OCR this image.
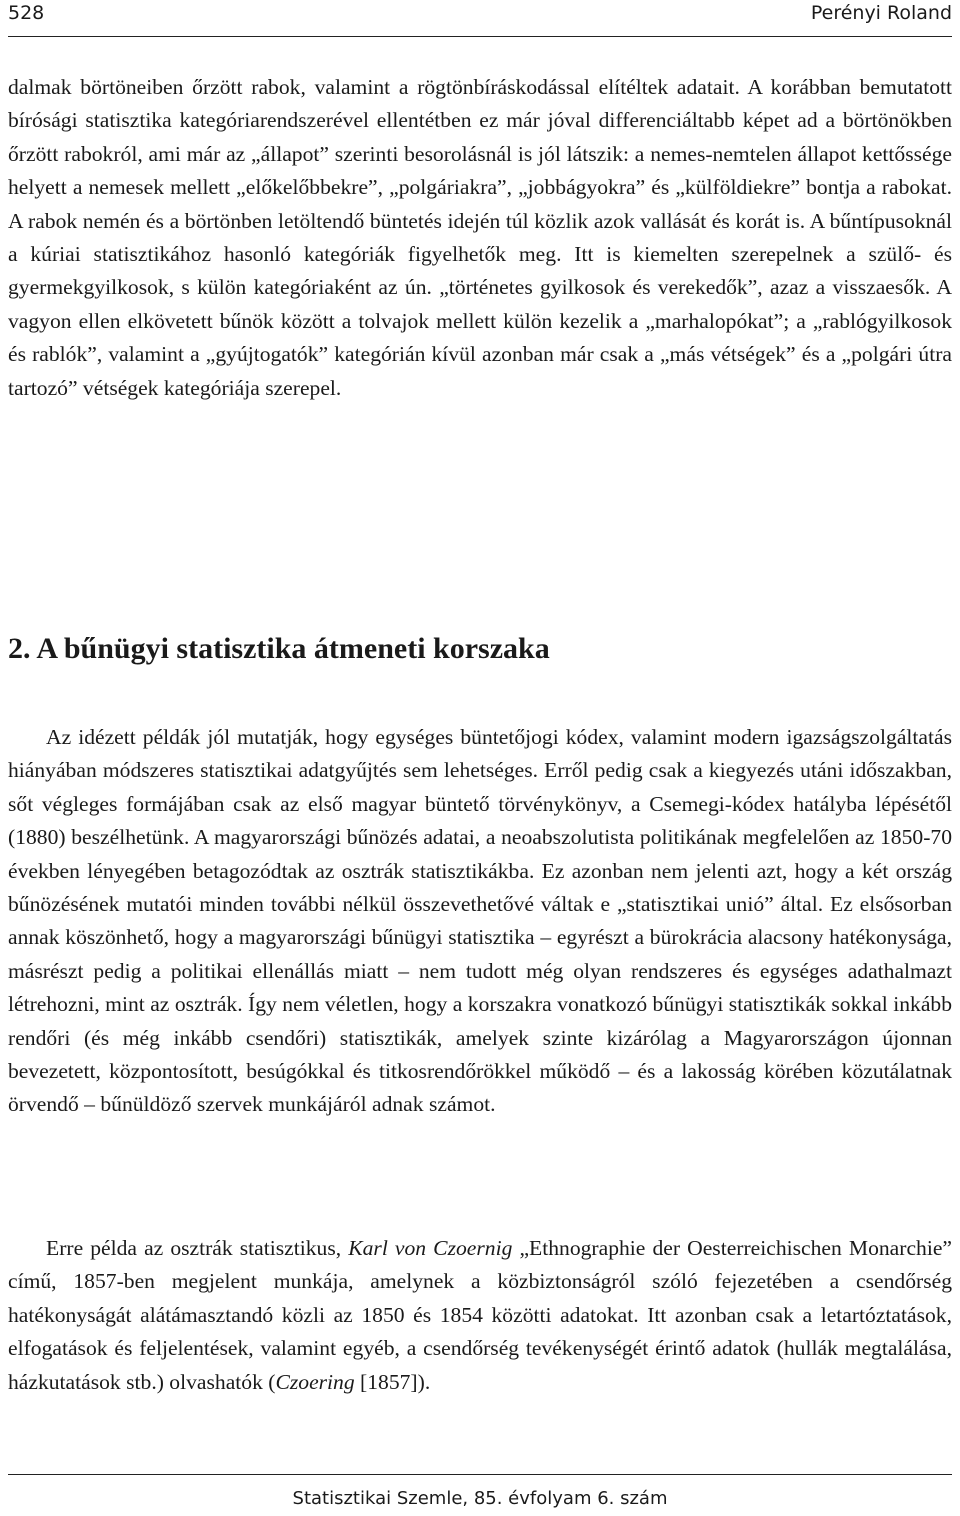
528	Perényi Roland

dalmak börtöneiben őrzött rabok, valamint a rögtönbíráskodással elítéltek adatait. A korábban bemutatott bírósági statisztika kategóriarendszerével ellentétben ez már jóval differenciáltabb képet ad a börtönökben őrzött rabokról, ami már az „állapot” szerinti besorolásnál is jól látszik: a nemes-nemtelen állapot kettőssége helyett a nemesek mellett „előkelőbbekre”, „polgáriakra”, „jobbágyokra” és „külföldiekre” bontja a rabokat. A rabok nemén és a börtönben letöltendő büntetés idején túl közlik azok vallását és korát is. A bűntípusoknál a kúriai statisztikához hasonló kategóriák figyelhetők meg. Itt is kiemelten szerepelnek a szülő- és gyermekgyilkosok, s külön kategóriaként az ún. „történetes gyilkosok és verekedők”, azaz a visszaesők. A vagyon ellen elkövetett bűnök között a tolvajok mellett külön kezelik a „marhalopókat”; a „rablógyilkosok és rablók”, valamint a „gyújtogatók” kategórián kívül azonban már csak a „más vétségek” és a „polgári útra tartozó” vétségek kategóriája szerepel.

2. A bűnügyi statisztika átmeneti korszaka

Az idézett példák jól mutatják, hogy egységes büntetőjogi kódex, valamint modern igazságszolgáltatás hiányában módszeres statisztikai adatgyűjtés sem lehetséges. Erről pedig csak a kiegyezés utáni időszakban, sőt végleges formájában csak az első magyar büntető törvénykönyv, a Csemegi-kódex hatályba lépésétől (1880) beszélhetünk. A magyarországi bűnözés adatai, a neoabszolutista politikának megfelelően az 1850-70 években lényegében betagozódtak az osztrák statisztikákba. Ez azonban nem jelenti azt, hogy a két ország bűnözésének mutatói minden további nélkül összevethetővé váltak e „statisztikai unió” által. Ez elsősorban annak köszönhető, hogy a magyarországi bűnügyi statisztika – egyrészt a bürokrácia alacsony hatékonysága, másrészt pedig a politikai ellenállás miatt – nem tudott még olyan rendszeres és egységes adathalmazt létrehozni, mint az osztrák. Így nem véletlen, hogy a korszakra vonatkozó bűnügyi statisztikák sokkal inkább rendőri (és még inkább csendőri) statisztikák, amelyek szinte kizárólag a Magyarországon újonnan bevezetett, központosított, besúgókkal és titkosrendőrökkel működő – és a lakosság körében közutálatnak örvendő – bűnüldöző szervek munkájáról adnak számot.

Erre példa az osztrák statisztikus, Karl von Czoernig „Ethnographie der Oesterreichischen Monarchie” című, 1857-ben megjelent munkája, amelynek a közbiztonságról szóló fejezetében a csendőrség hatékonyságát alátámasztandó közli az 1850 és 1854 közötti adatokat. Itt azonban csak a letartóztatások, elfogatások és feljelentések, valamint egyéb, a csendőrség tevékenységét érintő adatok (hullák megtalálása, házkutatások stb.) olvashatók (Czoering [1857]).

Statisztikai Szemle, 85. évfolyam 6. szám
